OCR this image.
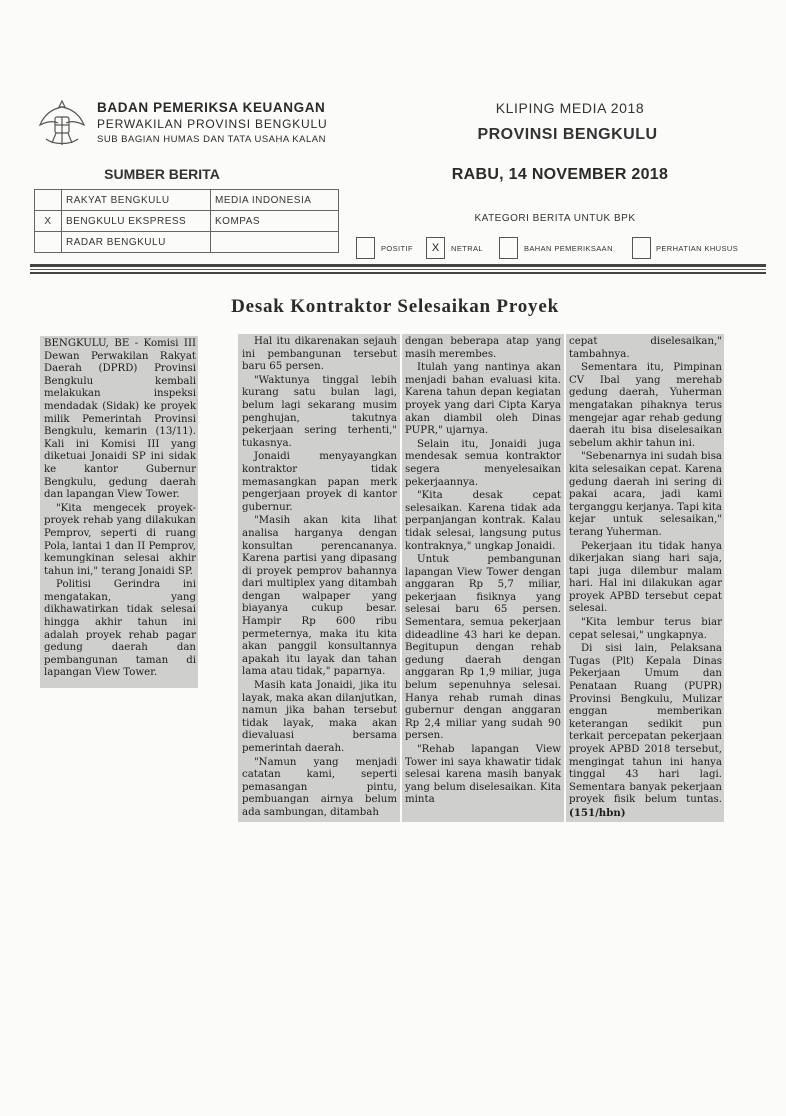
BADAN PEMERIKSA KEUANGAN
PERWAKILAN PROVINSI BENGKULU
SUB BAGIAN HUMAS DAN TATA USAHA KALAN
KLIPING MEDIA 2018
PROVINSI BENGKULU
SUMBER BERITA	RABU, 14 NOVEMBER 2018
	RAKYAT BENGKULU	MEDIA INDONESIA
X	BENGKULU EKSPRESS	KOMPAS
	RADAR BENGKULU	
KATEGORI BERITA UNTUK BPK
POSITIF	X	NETRAL	BAHAN PEMERIKSAAN	PERHATIAN KHUSUS
Desak Kontraktor Selesaikan Proyek

BENGKULU, BE - Komisi III Dewan Perwakilan Rakyat Daerah (DPRD) Provinsi Bengkulu kembali melakukan inspeksi mendadak (Sidak) ke proyek milik Pemerintah Provinsi Bengkulu, kemarin (13/11). Kali ini Komisi III yang diketuai Jonaidi SP ini sidak ke kantor Gubernur Bengkulu, gedung daerah dan lapangan View Tower.

"Kita mengecek proyek-proyek rehab yang dilakukan Pemprov, seperti di ruang Pola, lantai 1 dan II Pemprov, kemungkinan selesai akhir tahun ini," terang Jonaidi SP.

Politisi Gerindra ini mengatakan, yang dikhawatirkan tidak selesai hingga akhir tahun ini adalah proyek rehab pagar gedung daerah dan pembangunan taman di lapangan View Tower.

Hal itu dikarenakan sejauh ini pembangunan tersebut baru 65 persen.

"Waktunya tinggal lebih kurang satu bulan lagi, belum lagi sekarang musim penghujan, takutnya pekerjaan sering terhenti," tukasnya.

Jonaidi menyayangkan kontraktor tidak memasangkan papan merk pengerjaan proyek di kantor gubernur.

"Masih akan kita lihat analisa harganya dengan konsultan perencananya. Karena partisi yang dipasang di proyek pemprov bahannya dari multiplex yang ditambah dengan walpaper yang biayanya cukup besar. Hampir Rp 600 ribu permeternya, maka itu kita akan panggil konsultannya apakah itu layak dan tahan lama atau tidak," paparnya.

Masih kata Jonaidi, jika itu layak, maka akan dilanjutkan, namun jika bahan tersebut tidak layak, maka akan dievaluasi bersama pemerintah daerah.

"Namun yang menjadi catatan kami, seperti pemasangan pintu, pembuangan airnya belum ada sambungan, ditambah

dengan beberapa atap yang masih merembes.

Itulah yang nantinya akan menjadi bahan evaluasi kita. Karena tahun depan kegiatan proyek yang dari Cipta Karya akan diambil oleh Dinas PUPR," ujarnya.

Selain itu, Jonaidi juga mendesak semua kontraktor segera menyelesaikan pekerjaannya.

"Kita desak cepat selesaikan. Karena tidak ada perpanjangan kontrak. Kalau tidak selesai, langsung putus kontraknya," ungkap Jonaidi.

Untuk pembangunan lapangan View Tower dengan anggaran Rp 5,7 miliar, pekerjaan fisiknya yang selesai baru 65 persen. Sementara, semua pekerjaan dideadline 43 hari ke depan. Begitupun dengan rehab gedung daerah dengan anggaran Rp 1,9 miliar, juga belum sepenuhnya selesai. Hanya rehab rumah dinas gubernur dengan anggaran Rp 2,4 miliar yang sudah 90 persen.

"Rehab lapangan View Tower ini saya khawatir tidak selesai karena masih banyak yang belum diselesaikan. Kita minta

cepat diselesaikan," tambahnya.

Sementara itu, Pimpinan CV Ibal yang merehab gedung daerah, Yuherman mengatakan pihaknya terus mengejar agar rehab gedung daerah itu bisa diselesaikan sebelum akhir tahun ini.

"Sebenarnya ini sudah bisa kita selesaikan cepat. Karena gedung daerah ini sering di pakai acara, jadi kami terganggu kerjanya. Tapi kita kejar untuk selesaikan," terang Yuherman.

Pekerjaan itu tidak hanya dikerjakan siang hari saja, tapi juga dilembur malam hari. Hal ini dilakukan agar proyek APBD tersebut cepat selesai.

"Kita lembur terus biar cepat selesai," ungkapnya.

Di sisi lain, Pelaksana Tugas (Plt) Kepala Dinas Pekerjaan Umum dan Penataan Ruang (PUPR) Provinsi Bengkulu, Mulizar enggan memberikan keterangan sedikit pun terkait percepatan pekerjaan proyek APBD 2018 tersebut, mengingat tahun ini hanya tinggal 43 hari lagi. Sementara banyak pekerjaan proyek fisik belum tuntas. (151/hbn)
